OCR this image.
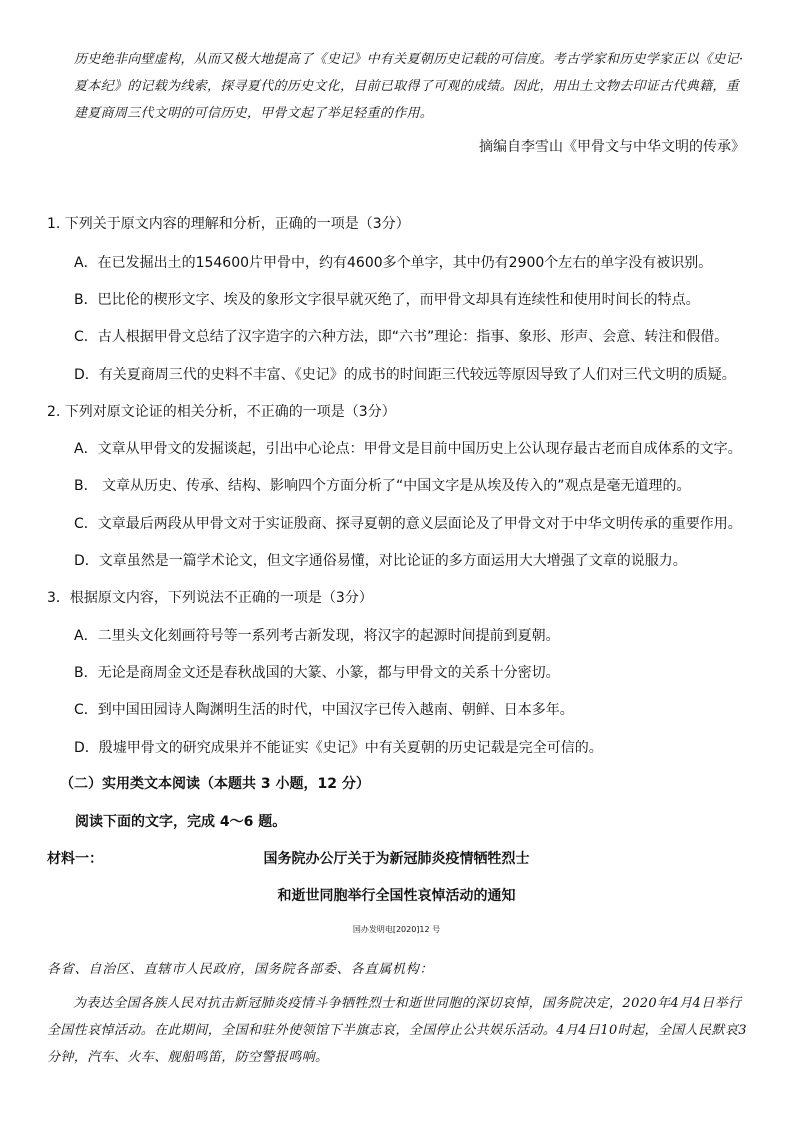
历史绝非向壁虚构，从而又极大地提高了《史记》中有关夏朝历史记载的可信度。考古学家和历史学家正以《史记·夏本纪》的记载为线索，探寻夏代的历史文化，目前已取得了可观的成绩。因此，用出土文物去印证古代典籍，重建夏商周三代文明的可信历史，甲骨文起了举足轻重的作用。

摘编自李雪山《甲骨文与中华文明的传承》
1. 下列关于原文内容的理解和分析，正确的一项是（3分）
A．在已发掘出土的154600片甲骨中，约有4600多个单字，其中仍有2900个左右的单字没有被识别。
B．巴比伦的楔形文字、埃及的象形文字很早就灭绝了，而甲骨文却具有连续性和使用时间长的特点。
C．古人根据甲骨文总结了汉字造字的六种方法，即“六书”理论：指事、象形、形声、会意、转注和假借。
D．有关夏商周三代的史料不丰富、《史记》的成书的时间距三代较远等原因导致了人们对三代文明的质疑。
2. 下列对原文论证的相关分析，不正确的一项是（3分）
A．文章从甲骨文的发掘谈起，引出中心论点：甲骨文是目前中国历史上公认现存最古老而自成体系的文字。
B． 文章从历史、传承、结构、影响四个方面分析了“中国文字是从埃及传入的”观点是毫无道理的。
C．文章最后两段从甲骨文对于实证殷商、探寻夏朝的意义层面论及了甲骨文对于中华文明传承的重要作用。
D．文章虽然是一篇学术论文，但文字通俗易懂，对比论证的多方面运用大大增强了文章的说服力。
3．根据原文内容，下列说法不正确的一项是（3分）
A．二里头文化刻画符号等一系列考古新发现，将汉字的起源时间提前到夏朝。
B．无论是商周金文还是春秋战国的大篆、小篆，都与甲骨文的关系十分密切。
C．到中国田园诗人陶渊明生活的时代，中国汉字已传入越南、朝鲜、日本多年。
D．殷墟甲骨文的研究成果并不能证实《史记》中有关夏朝的历史记载是完全可信的。
（二）实用类文本阅读（本题共 3 小题，12 分）
阅读下面的文字，完成 4～6 题。
材料一：	国务院办公厅关于为新冠肺炎疫情牺牲烈士
和逝世同胞举行全国性哀悼活动的通知
国办发明电[2020]12 号
各省、自治区、直辖市人民政府，国务院各部委、各直属机构：

为表达全国各族人民对抗击新冠肺炎疫情斗争牺牲烈士和逝世同胞的深切哀悼，国务院决定，2020年4月4日举行全国性哀悼活动。在此期间，全国和驻外使领馆下半旗志哀，全国停止公共娱乐活动。4月4日10时起，全国人民默哀3分钟，汽车、火车、舰船鸣笛，防空警报鸣响。
